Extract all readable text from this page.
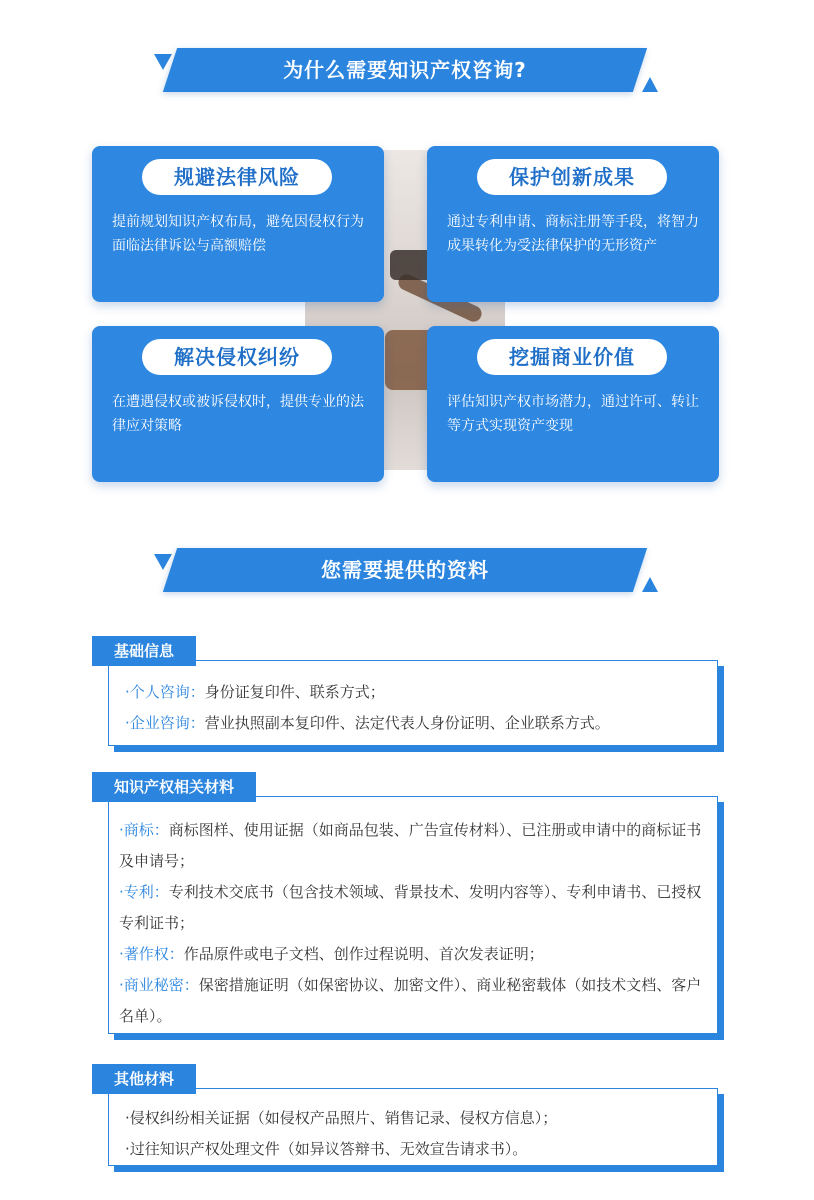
为什么需要知识产权咨询?
规避法律风险
提前规划知识产权布局，避免因侵权行为面临法律诉讼与高额赔偿
保护创新成果
通过专利申请、商标注册等手段，将智力成果转化为受法律保护的无形资产
解决侵权纠纷
在遭遇侵权或被诉侵权时，提供专业的法律应对策略
挖掘商业价值
评估知识产权市场潜力，通过许可、转让等方式实现资产变现
您需要提供的资料
·个人咨询：身份证复印件、联系方式；
·企业咨询：营业执照副本复印件、法定代表人身份证明、企业联系方式。
基础信息
·商标：商标图样、使用证据（如商品包装、广告宣传材料）、已注册或申请中的商标证书及申请号；
·专利：专利技术交底书（包含技术领域、背景技术、发明内容等）、专利申请书、已授权专利证书；
·著作权：作品原件或电子文档、创作过程说明、首次发表证明；
·商业秘密：保密措施证明（如保密协议、加密文件）、商业秘密载体（如技术文档、客户名单）。
知识产权相关材料
·侵权纠纷相关证据（如侵权产品照片、销售记录、侵权方信息）；
·过往知识产权处理文件（如异议答辩书、无效宣告请求书）。
其他材料
